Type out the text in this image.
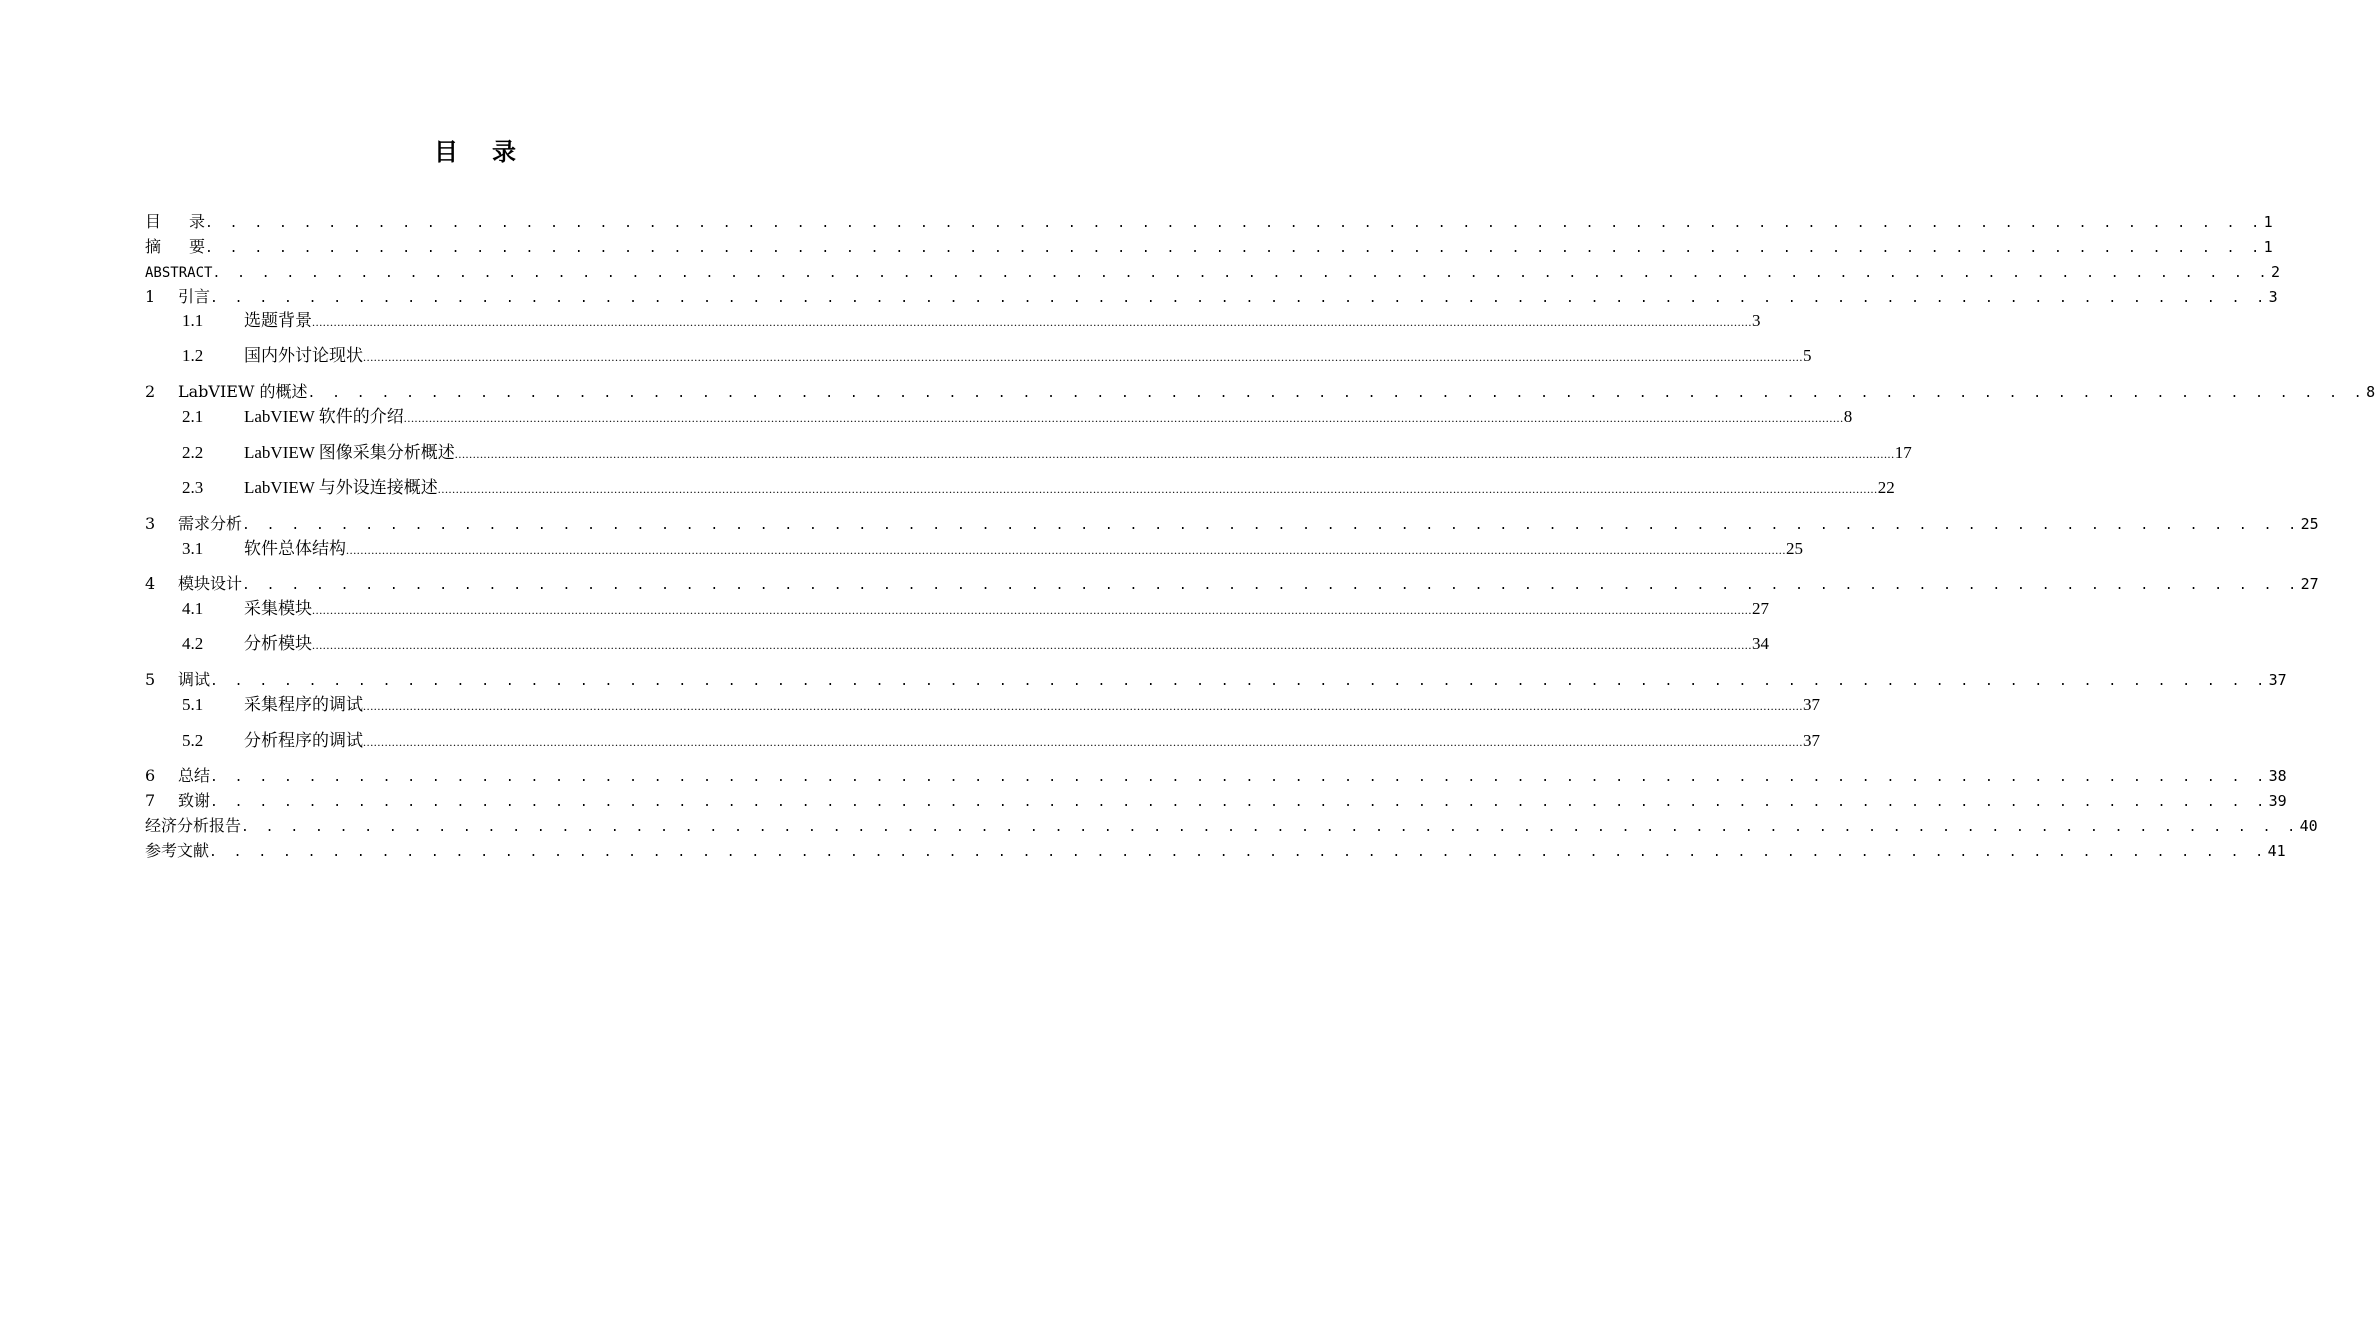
目 录
目 录 . . . . . . . . . . . . . . . . . . . . . . . . . . . . . . . . . . . . . . . . . . . . . . . . . . . . . . . . . . . . . . . . . . . . . . . . . . . . . . . . . . . . 1
摘 要 . . . . . . . . . . . . . . . . . . . . . . . . . . . . . . . . . . . . . . . . . . . . . . . . . . . . . . . . . . . . . . . . . . . . . . . . . . . . . . . . . . . . 1
ABSTRACT . . . . . . . . . . . . . . . . . . . . . . . . . . . . . . . . . . . . . . . . . . . . . . . . . . . . . . . . . . . . . . . . . . . . . . . . . . . . . . . . . . . . 2
1	引言 . . . . . . . . . . . . . . . . . . . . . . . . . . . . . . . . . . . . . . . . . . . . . . . . . . . . . . . . . . . . . . . . . . . . . . . . . . . . . . . . . . . . 3
1.1	选题背景 ................................................................................................................................................................................................................................................................................................................................................................................................................ 3
1.2	国内外讨论现状 ................................................................................................................................................................................................................................................................................................................................................................................................................ 5
2	LabVIEW 的概述 . . . . . . . . . . . . . . . . . . . . . . . . . . . . . . . . . . . . . . . . . . . . . . . . . . . . . . . . . . . . . . . . . . . . . . . . . . . . . . . . . . . . 8
2.1	LabVIEW 软件的介绍 ................................................................................................................................................................................................................................................................................................................................................................................................................ 8
2.2	LabVIEW 图像采集分析概述 ................................................................................................................................................................................................................................................................................................................................................................................................................ 17
2.3	LabVIEW 与外设连接概述 ................................................................................................................................................................................................................................................................................................................................................................................................................ 22
3	需求分析 . . . . . . . . . . . . . . . . . . . . . . . . . . . . . . . . . . . . . . . . . . . . . . . . . . . . . . . . . . . . . . . . . . . . . . . . . . . . . . . . . . . . 25
3.1	软件总体结构 ................................................................................................................................................................................................................................................................................................................................................................................................................ 25
4	模块设计 . . . . . . . . . . . . . . . . . . . . . . . . . . . . . . . . . . . . . . . . . . . . . . . . . . . . . . . . . . . . . . . . . . . . . . . . . . . . . . . . . . . . 27
4.1	采集模块 ................................................................................................................................................................................................................................................................................................................................................................................................................ 27
4.2	分析模块 ................................................................................................................................................................................................................................................................................................................................................................................................................ 34
5	调试 . . . . . . . . . . . . . . . . . . . . . . . . . . . . . . . . . . . . . . . . . . . . . . . . . . . . . . . . . . . . . . . . . . . . . . . . . . . . . . . . . . . . 37
5.1	采集程序的调试 ................................................................................................................................................................................................................................................................................................................................................................................................................ 37
5.2	分析程序的调试 ................................................................................................................................................................................................................................................................................................................................................................................................................ 37
6	总结 . . . . . . . . . . . . . . . . . . . . . . . . . . . . . . . . . . . . . . . . . . . . . . . . . . . . . . . . . . . . . . . . . . . . . . . . . . . . . . . . . . . . 38
7	致谢 . . . . . . . . . . . . . . . . . . . . . . . . . . . . . . . . . . . . . . . . . . . . . . . . . . . . . . . . . . . . . . . . . . . . . . . . . . . . . . . . . . . . 39
经济分析报告 . . . . . . . . . . . . . . . . . . . . . . . . . . . . . . . . . . . . . . . . . . . . . . . . . . . . . . . . . . . . . . . . . . . . . . . . . . . . . . . . . . . . 40
参考文献 . . . . . . . . . . . . . . . . . . . . . . . . . . . . . . . . . . . . . . . . . . . . . . . . . . . . . . . . . . . . . . . . . . . . . . . . . . . . . . . . . . . . 41
